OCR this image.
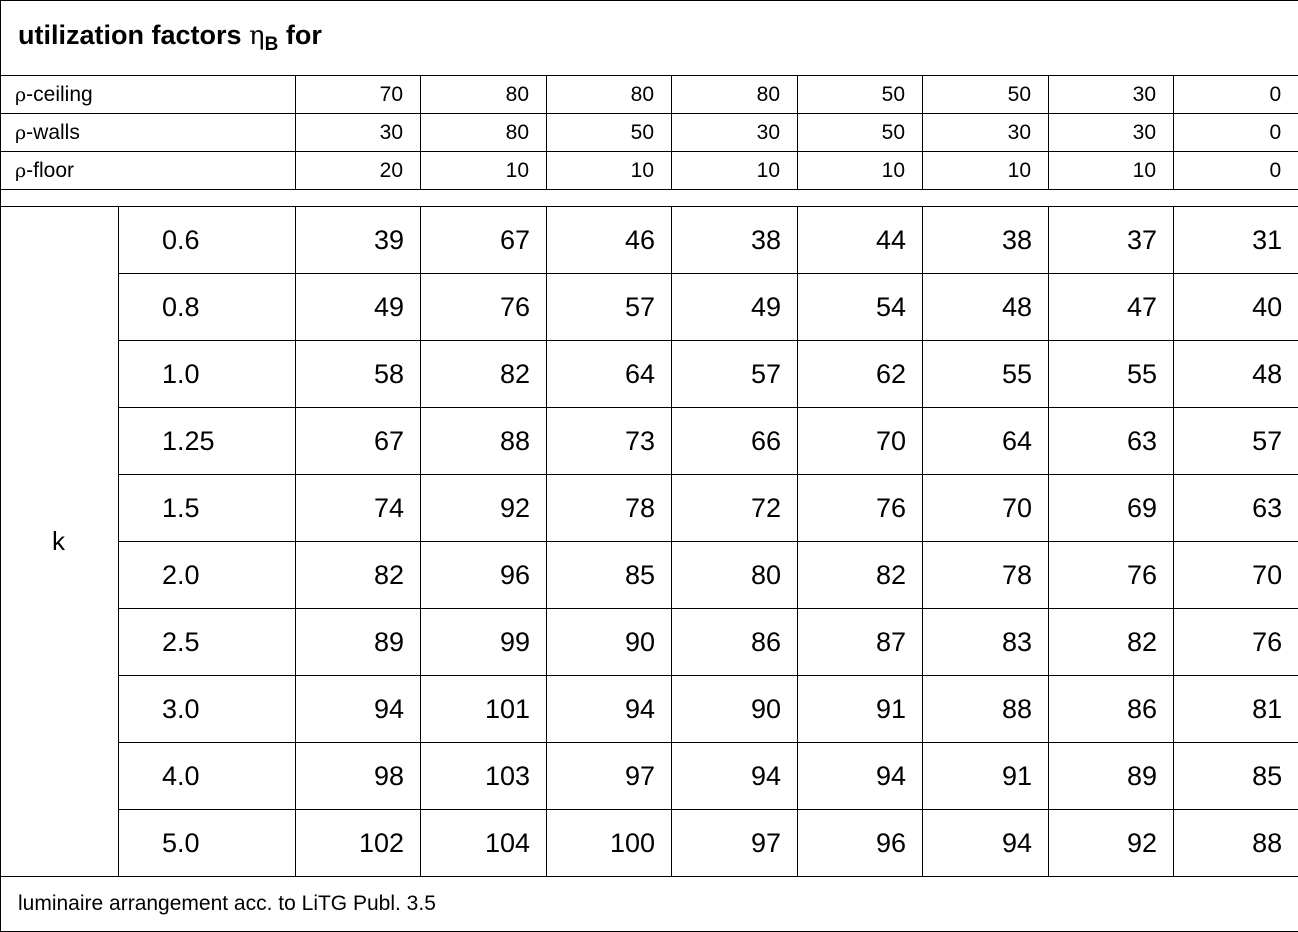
utilization factors $\eta_B$ for									
ρ-ceiling		70	80	80	80	50	50	30	0
ρ-walls		30	80	50	30	50	30	30	0
ρ-floor		20	10	10	10	10	10	10	0

k	0.6	39	67	46	38	44	38	37	31
	0.8	49	76	57	49	54	48	47	40
	1.0	58	82	64	57	62	55	55	48
	1.25	67	88	73	66	70	64	63	57
	1.5	74	92	78	72	76	70	69	63
	2.0	82	96	85	80	82	78	76	70
	2.5	89	99	90	86	87	83	82	76
	3.0	94	101	94	90	91	88	86	81
	4.0	98	103	97	94	94	91	89	85
	5.0	102	104	100	97	96	94	92	88
luminaire arrangement acc. to LiTG Publ. 3.5									
